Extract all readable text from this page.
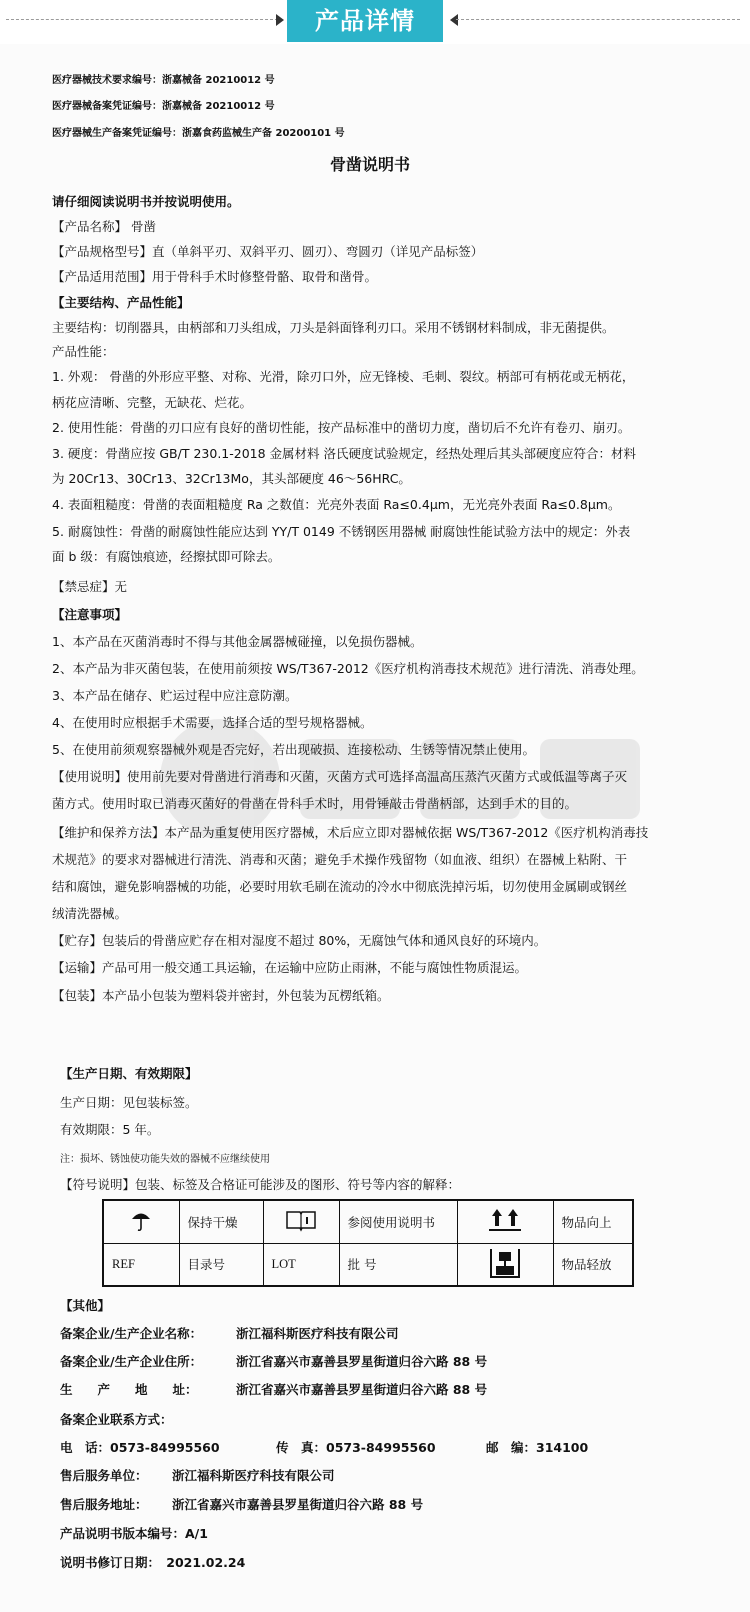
产品详情
医疗器械技术要求编号：浙嘉械备 20210012 号
医疗器械备案凭证编号：浙嘉械备 20210012 号
医疗器械生产备案凭证编号：浙嘉食药监械生产备 20200101 号
骨凿说明书
请仔细阅读说明书并按说明使用。
【产品名称】 骨凿
【产品规格型号】直（单斜平刃、双斜平刃、圆刃）、弯圆刃（详见产品标签）
【产品适用范围】用于骨科手术时修整骨骼、取骨和凿骨。
【主要结构、产品性能】
主要结构：切削器具，由柄部和刀头组成，刀头是斜面锋利刃口。采用不锈钢材料制成，非无菌提供。
产品性能：
1. 外观： 骨凿的外形应平整、对称、光滑，除刃口外，应无锋棱、毛刺、裂纹。柄部可有柄花或无柄花，
柄花应清晰、完整，无缺花、烂花。
2. 使用性能：骨凿的刃口应有良好的凿切性能，按产品标准中的凿切力度，凿切后不允许有卷刃、崩刃。
3. 硬度：骨凿应按 GB/T 230.1-2018 金属材料 洛氏硬度试验规定，经热处理后其头部硬度应符合：材料
为 20Cr13、30Cr13、32Cr13Mo，其头部硬度 46～56HRC。
4. 表面粗糙度：骨凿的表面粗糙度 Ra 之数值：光亮外表面 Ra≤0.4μm，无光亮外表面 Ra≤0.8μm。
5. 耐腐蚀性：骨凿的耐腐蚀性能应达到 YY/T 0149 不锈钢医用器械 耐腐蚀性能试验方法中的规定：外表
面 b 级：有腐蚀痕迹，经擦拭即可除去。
【禁忌症】无
【注意事项】
1、本产品在灭菌消毒时不得与其他金属器械碰撞，以免损伤器械。
2、本产品为非灭菌包装，在使用前须按 WS/T367-2012《医疗机构消毒技术规范》进行清洗、消毒处理。
3、本产品在储存、贮运过程中应注意防潮。
4、在使用时应根据手术需要，选择合适的型号规格器械。
5、在使用前须观察器械外观是否完好，若出现破损、连接松动、生锈等情况禁止使用。
【使用说明】使用前先要对骨凿进行消毒和灭菌，灭菌方式可选择高温高压蒸汽灭菌方式或低温等离子灭
菌方式。使用时取已消毒灭菌好的骨凿在骨科手术时，用骨锤敲击骨凿柄部，达到手术的目的。
【维护和保养方法】本产品为重复使用医疗器械，术后应立即对器械依据 WS/T367-2012《医疗机构消毒技
术规范》的要求对器械进行清洗、消毒和灭菌；避免手术操作残留物（如血液、组织）在器械上粘附、干
结和腐蚀，避免影响器械的功能，必要时用软毛刷在流动的冷水中彻底洗掉污垢，切勿使用金属刷或钢丝
绒清洗器械。
【贮存】包装后的骨凿应贮存在相对湿度不超过 80%，无腐蚀气体和通风良好的环境内。
【运输】产品可用一般交通工具运输，在运输中应防止雨淋，不能与腐蚀性物质混运。
【包装】本产品小包装为塑料袋并密封，外包装为瓦楞纸箱。
【生产日期、有效期限】
生产日期：见包装标签。
有效期限：5 年。
注：损坏、锈蚀使功能失效的器械不应继续使用
【符号说明】包装、标签及合格证可能涉及的图形、符号等内容的解释：
	保持干燥		参阅使用说明书		物品向上
REF	目录号	LOT	批 号		物品轻放
【其他】
备案企业/生产企业名称：	浙江福科斯医疗科技有限公司
备案企业/生产企业住所：	浙江省嘉兴市嘉善县罗星街道归谷六路 88 号
生　　产　　地　　址：	浙江省嘉兴市嘉善县罗星街道归谷六路 88 号
备案企业联系方式：
电　话：0573-84995560	传　真：0573-84995560	邮　编：314100
售后服务单位： 浙江福科斯医疗科技有限公司
售后服务地址： 浙江省嘉兴市嘉善县罗星街道归谷六路 88 号
产品说明书版本编号：A/1
说明书修订日期：　2021.02.24
